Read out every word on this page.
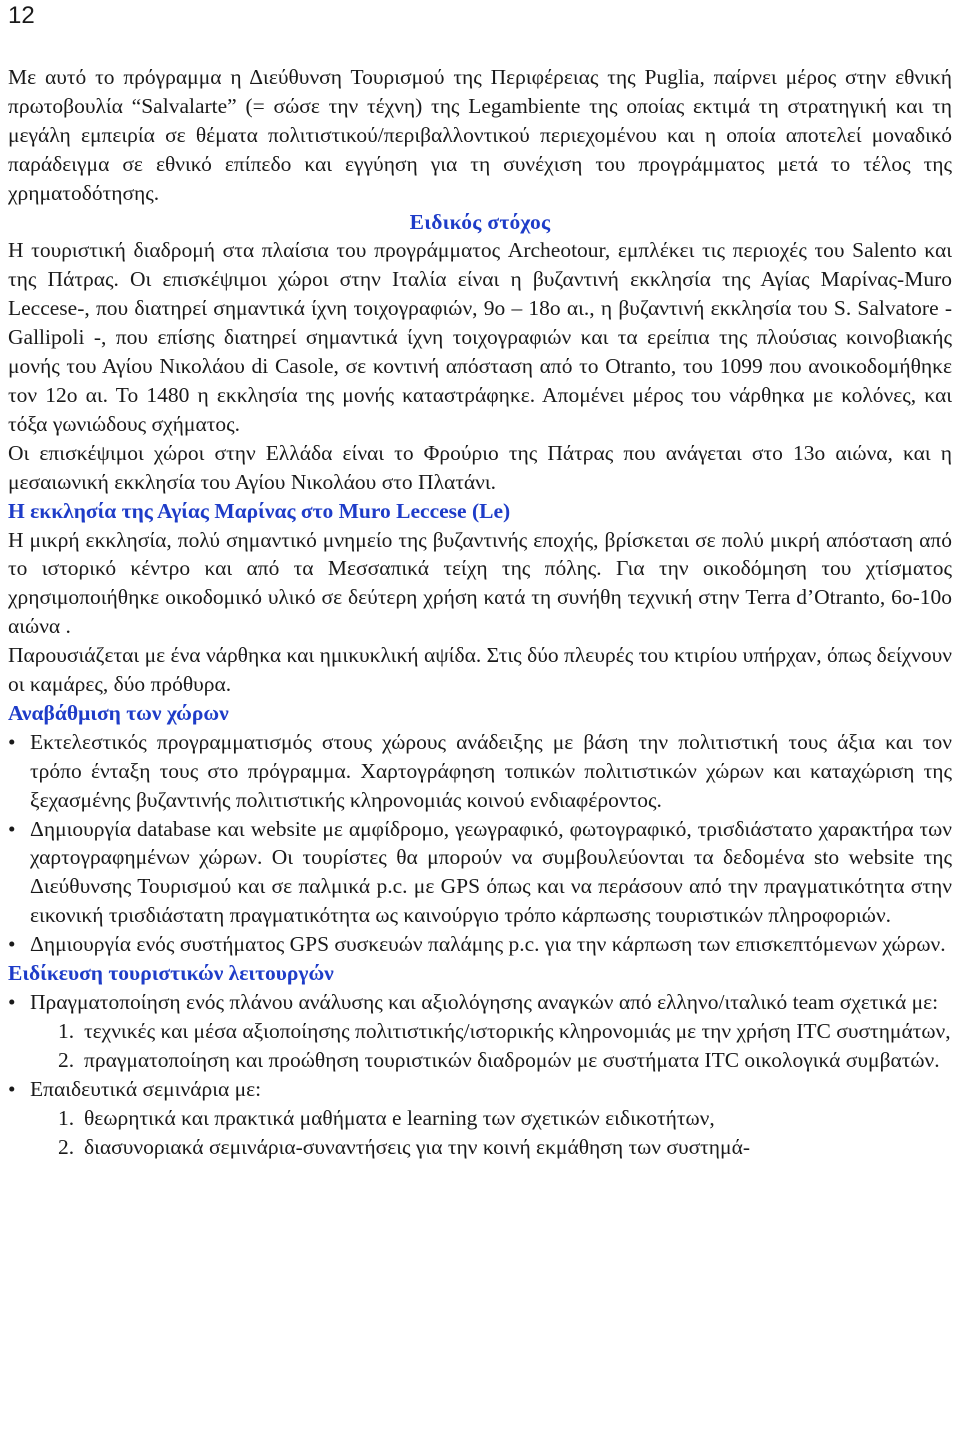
12

Με αυτό το πρόγραμμα η Διεύθυνση Τουρισμού της Περιφέρειας της Puglia, παίρνει μέρος στην εθνική πρωτοβουλία “Salvalarte” (= σώσε την τέχνη) της Legambiente της οποίας εκτιμά τη στρατηγική και τη μεγάλη εμπειρία σε θέματα πολιτιστικού/περιβαλλοντικού περιεχομένου και η οποία αποτελεί μοναδικό παράδειγμα σε εθνικό επίπεδο και εγγύηση για τη συνέχιση του προγράμματος μετά το τέλος της χρηματοδότησης.

Ειδικός στόχος

Η τουριστική διαδρομή στα πλαίσια του προγράμματος Archeotour, εμπλέκει τις περιοχές του Salento και της Πάτρας. Οι επισκέψιμοι χώροι στην Ιταλία είναι η βυζαντινή εκκλησία της Αγίας Μαρίνας-Muro Leccese-, που διατηρεί σημαντικά ίχνη τοιχογραφιών, 9ο – 18ο αι., η βυζαντινή εκκλησία του S. Salvatore - Gallipoli -, που επίσης διατηρεί σημαντικά ίχνη τοιχογραφιών και τα ερείπια της πλούσιας κοινοβιακής μονής του Αγίου Νικολάου di Casole, σε κοντινή απόσταση από το Otranto, του 1099 που ανοικοδομήθηκε τον 12ο αι. Το 1480 η εκκλησία της μονής καταστράφηκε. Απομένει μέρος του νάρθηκα με κολόνες, και τόξα γωνιώδους σχήματος.

Οι επισκέψιμοι χώροι στην Ελλάδα είναι το Φρούριο της Πάτρας που ανάγεται στο 13ο αιώνα, και η μεσαιωνική εκκλησία του Αγίου Νικολάου στο Πλατάνι.

Η εκκλησία της Αγίας Μαρίνας στο Muro Leccese (Le)

Η μικρή εκκλησία, πολύ σημαντικό μνημείο της βυζαντινής εποχής, βρίσκεται σε πολύ μικρή απόσταση από το ιστορικό κέντρο και από τα Μεσσαπικά τείχη της πόλης. Για την οικοδόμηση του χτίσματος χρησιμοποιήθηκε οικοδομικό υλικό σε δεύτερη χρήση κατά τη συνήθη τεχνική στην Terra d’Otranto, 6ο-10ο αιώνα .

Παρουσιάζεται με ένα νάρθηκα και ημικυκλική αψίδα. Στις δύο πλευρές του κτιρίου υπήρχαν, όπως δείχνουν οι καμάρες, δύο πρόθυρα.

Αναβάθμιση των χώρων

• Εκτελεστικός προγραμματισμός στους χώρους ανάδειξης με βάση την πολιτιστική τους άξια και τον τρόπο ένταξη τους στο πρόγραμμα. Χαρτογράφηση τοπικών πολιτιστικών χώρων και καταχώριση της ξεχασμένης βυζαντινής πολιτιστικής κληρονομιάς κοινού ενδιαφέροντος.
• Δημιουργία database και website με αμφίδρομο, γεωγραφικό, φωτογραφικό, τρισδιάστατο χαρακτήρα των χαρτογραφημένων χώρων. Οι τουρίστες θα μπορούν να συμβουλεύονται τα δεδομένα sto website της Διεύθυνσης Τουρισμού και σε παλμικά p.c. με GPS όπως και να περάσουν από την πραγματικότητα στην εικονική τρισδιάστατη πραγματικότητα ως καινούργιο τρόπο κάρπωσης τουριστικών πληροφοριών.
• Δημιουργία ενός συστήματος GPS συσκευών παλάμης p.c. για την κάρπωση των επισκεπτόμενων χώρων.

Ειδίκευση τουριστικών λειτουργών

• Πραγματοποίηση ενός πλάνου ανάλυσης και αξιολόγησης αναγκών από ελληνο/ιταλικό team σχετικά με:
1. τεχνικές και μέσα αξιοποίησης πολιτιστικής/ιστορικής κληρονομιάς με την χρήση ITC συστημάτων,
2. πραγματοποίηση και προώθηση τουριστικών διαδρομών με συστήματα ITC οικολογικά συμβατών.
• Επαιδευτικά σεμινάρια με:
1. θεωρητικά και πρακτικά μαθήματα e learning των σχετικών ειδικοτήτων,
2. διασυνοριακά σεμινάρια-συναντήσεις για την κοινή εκμάθηση των συστημά-
